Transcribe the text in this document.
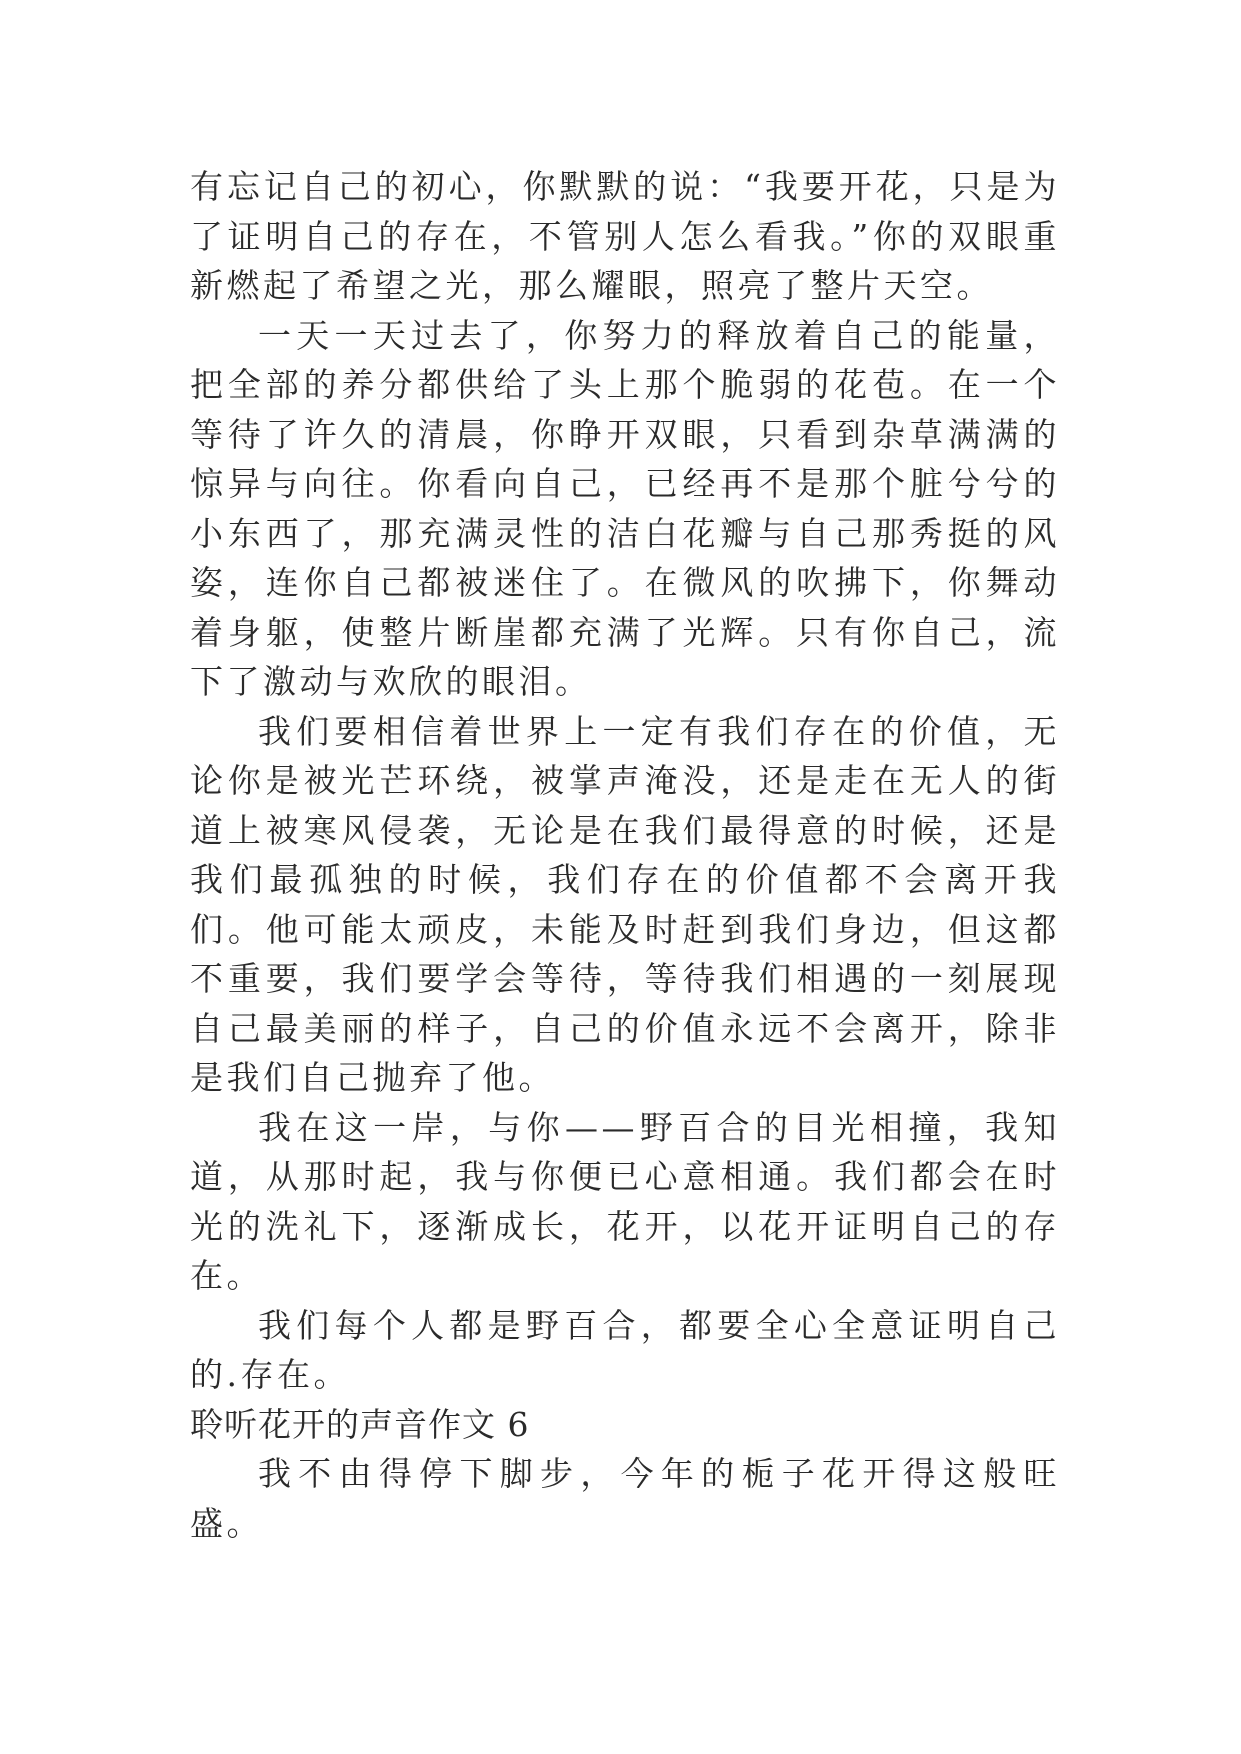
有忘记自己的初心，你默默的说：“我要开花，只是为了证明自己的存在，不管别人怎么看我。”你的双眼重新燃起了希望之光，那么耀眼，照亮了整片天空。

一天一天过去了，你努力的释放着自己的能量，把全部的养分都供给了头上那个脆弱的花苞。在一个等待了许久的清晨，你睁开双眼，只看到杂草满满的惊异与向往。你看向自己，已经再不是那个脏兮兮的小东西了，那充满灵性的洁白花瓣与自己那秀挺的风姿，连你自己都被迷住了。在微风的吹拂下，你舞动着身躯，使整片断崖都充满了光辉。只有你自己，流下了激动与欢欣的眼泪。

我们要相信着世界上一定有我们存在的价值，无论你是被光芒环绕，被掌声淹没，还是走在无人的街道上被寒风侵袭，无论是在我们最得意的时候，还是我们最孤独的时候，我们存在的价值都不会离开我们。他可能太顽皮，未能及时赶到我们身边，但这都不重要，我们要学会等待，等待我们相遇的一刻展现自己最美丽的样子，自己的价值永远不会离开，除非是我们自己抛弃了他。

我在这一岸，与你——野百合的目光相撞，我知道，从那时起，我与你便已心意相通。我们都会在时光的洗礼下，逐渐成长，花开，以花开证明自己的存在。

我们每个人都是野百合，都要全心全意证明自己的.存在。

聆听花开的声音作文 6

我不由得停下脚步，今年的栀子花开得这般旺盛。
